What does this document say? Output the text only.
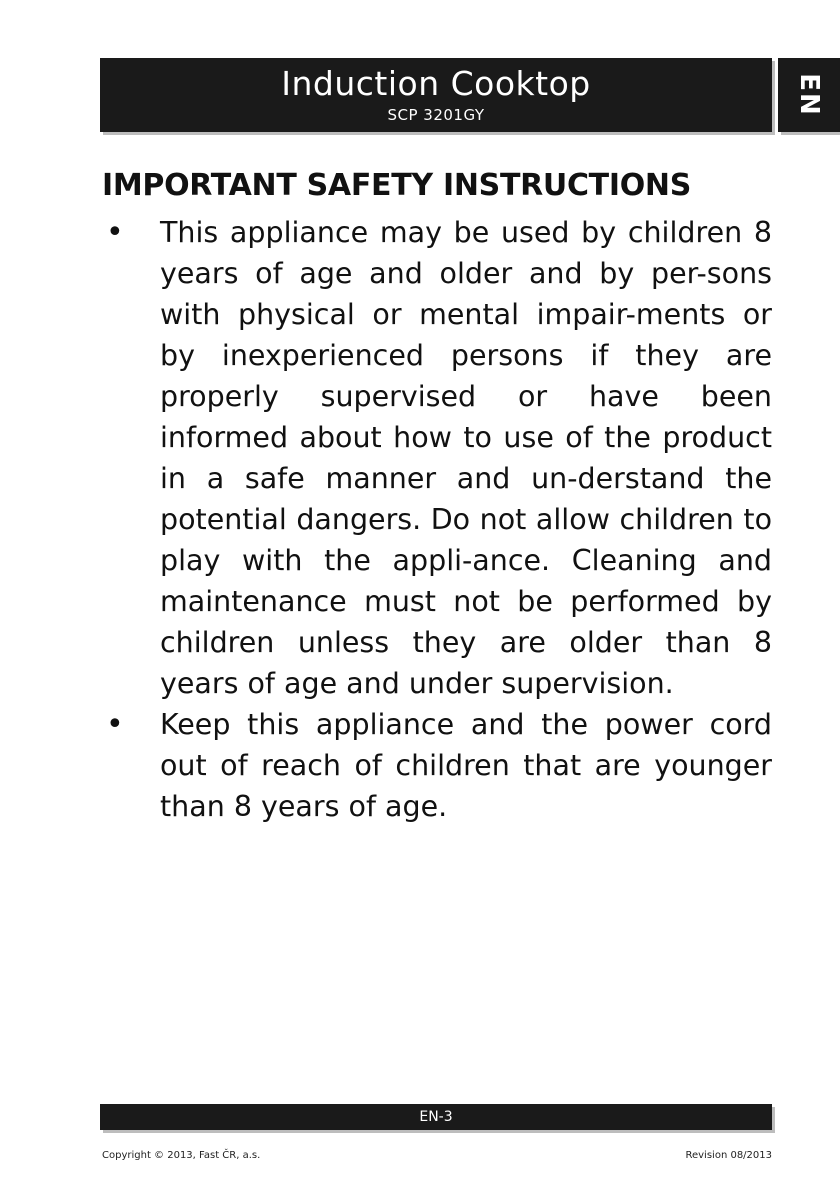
Induction Cooktop
SCP 3201GY	EN
IMPORTANT SAFETY INSTRUCTIONS
• This appliance may be used by children 8 years of age and older and by per-sons with physical or mental impair-ments or by inexperienced persons if they are properly supervised or have been informed about how to use of the product in a safe manner and un-derstand the potential dangers. Do not allow children to play with the appli-ance. Cleaning and maintenance must not be performed by children unless they are older than 8 years of age and under supervision.
• Keep this appliance and the power cord out of reach of children that are younger than 8 years of age.
EN-3
Copyright © 2013, Fast ČR, a.s.	Revision 08/2013
